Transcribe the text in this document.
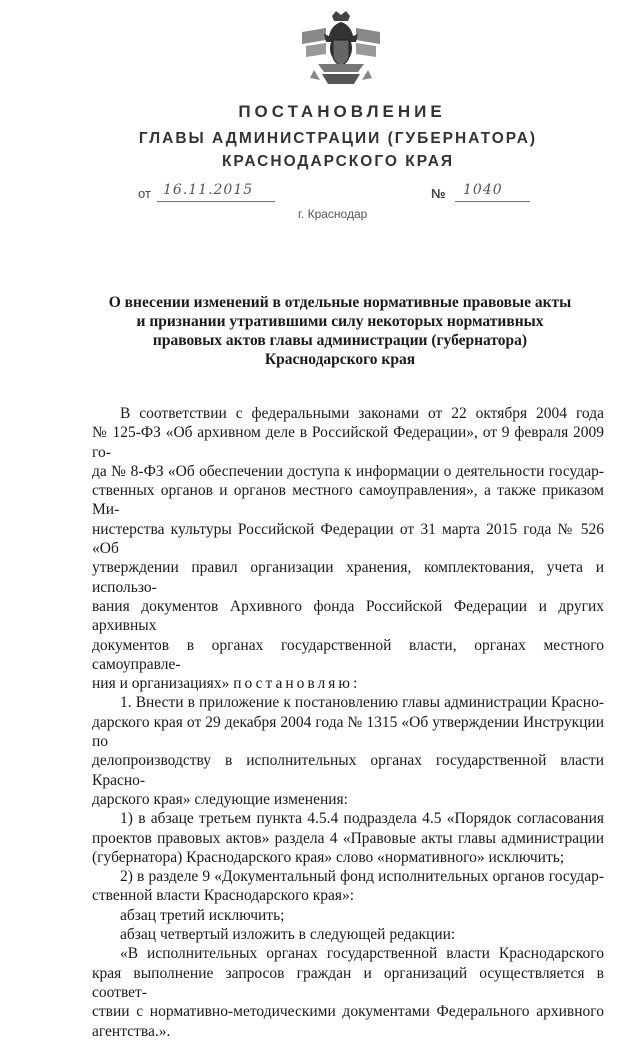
ПОСТАНОВЛЕНИЕ
ГЛАВЫ АДМИНИСТРАЦИИ (ГУБЕРНАТОРА)
КРАСНОДАРСКОГО КРАЯ
от 16.11.2015	№ 1040
г. Краснодар

О внесении изменений в отдельные нормативные правовые акты
и признании утратившими силу некоторых нормативных
правовых актов главы администрации (губернатора)
Краснодарского края

В соответствии с федеральными законами от 22 октября 2004 года
№ 125-ФЗ «Об архивном деле в Российской Федерации», от 9 февраля 2009 го-
да № 8-ФЗ «Об обеспечении доступа к информации о деятельности государ-
ственных органов и органов местного самоуправления», а также приказом Ми-
нистерства культуры Российской Федерации от 31 марта 2015 года № 526 «Об
утверждении правил организации хранения, комплектования, учета и использо-
вания документов Архивного фонда Российской Федерации и других архивных
документов в органах государственной власти, органах местного самоуправле-
ния и организациях» постановляю:
1. Внести в приложение к постановлению главы администрации Красно-
дарского края от 29 декабря 2004 года № 1315 «Об утверждении Инструкции по
делопроизводству в исполнительных органах государственной власти Красно-
дарского края» следующие изменения:
1) в абзаце третьем пункта 4.5.4 подраздела 4.5 «Порядок согласования
проектов правовых актов» раздела 4 «Правовые акты главы администрации
(губернатора) Краснодарского края» слово «нормативного» исключить;
2) в разделе 9 «Документальный фонд исполнительных органов государ-
ственной власти Краснодарского края»:
абзац третий исключить;
абзац четвертый изложить в следующей редакции:
«В исполнительных органах государственной власти Краснодарского
края выполнение запросов граждан и организаций осуществляется в соответ-
ствии с нормативно-методическими документами Федерального архивного
агентства.».
